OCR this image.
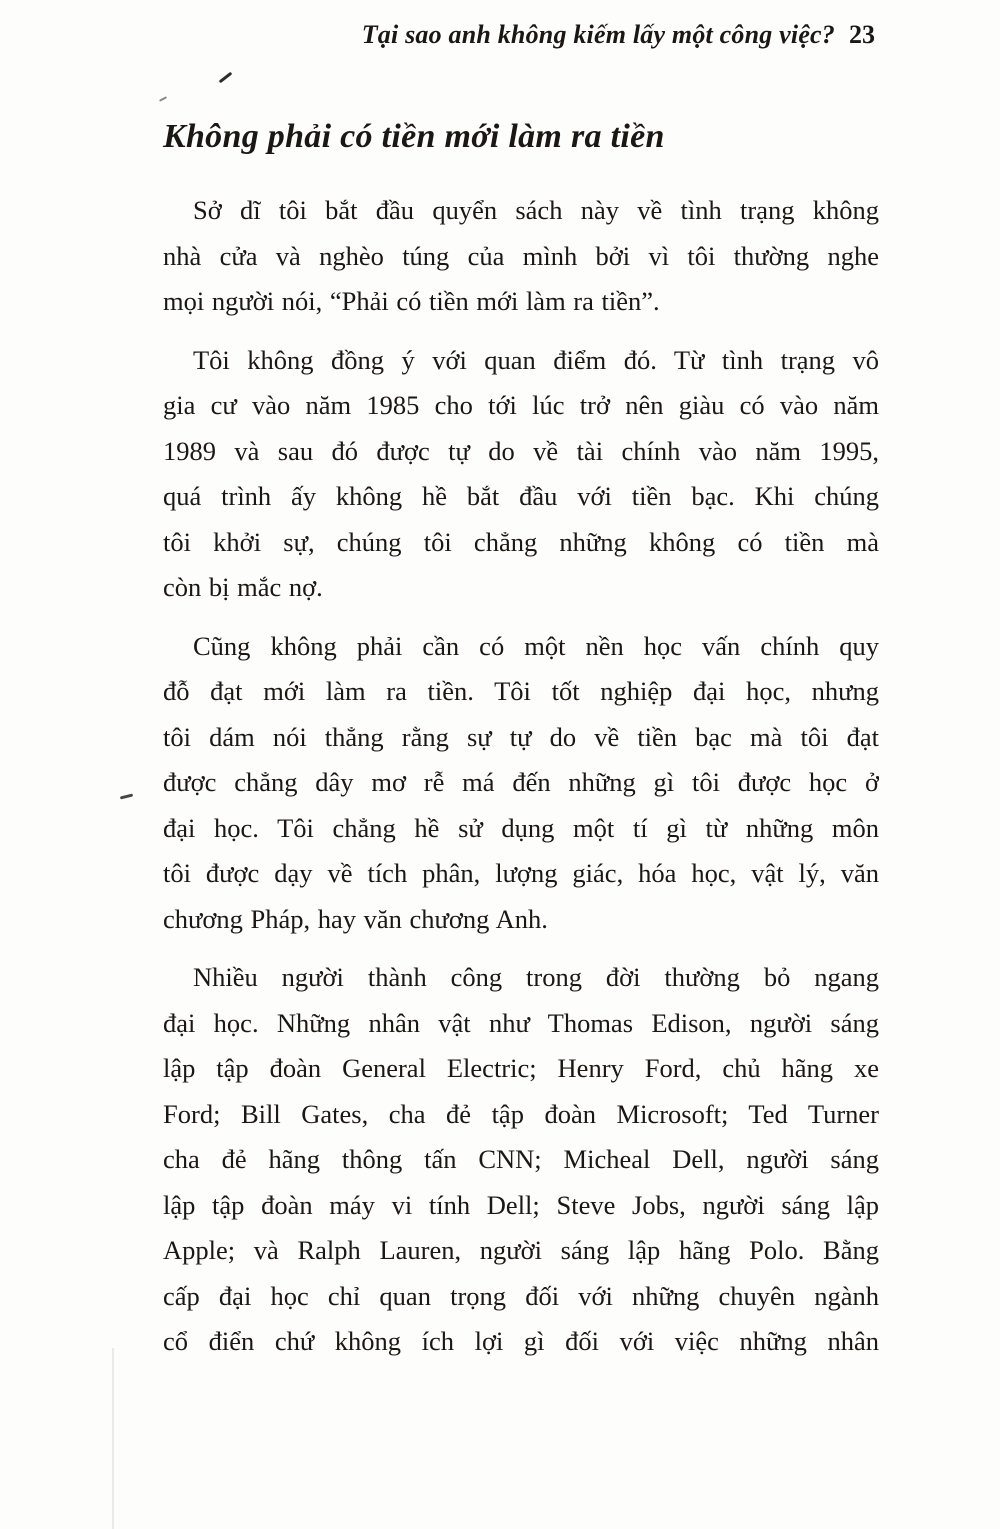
Tại sao anh không kiếm lấy một công việc? 23
Không phải có tiền mới làm ra tiền
Sở dĩ tôi bắt đầu quyển sách này về tình trạng không
nhà cửa và nghèo túng của mình bởi vì tôi thường nghe
mọi người nói, “Phải có tiền mới làm ra tiền”.
Tôi không đồng ý với quan điểm đó. Từ tình trạng vô
gia cư vào năm 1985 cho tới lúc trở nên giàu có vào năm
1989 và sau đó được tự do về tài chính vào năm 1995,
quá trình ấy không hề bắt đầu với tiền bạc. Khi chúng
tôi khởi sự, chúng tôi chẳng những không có tiền mà
còn bị mắc nợ.
Cũng không phải cần có một nền học vấn chính quy
đỗ đạt mới làm ra tiền. Tôi tốt nghiệp đại học, nhưng
tôi dám nói thẳng rằng sự tự do về tiền bạc mà tôi đạt
được chẳng dây mơ rễ má đến những gì tôi được học ở
đại học. Tôi chẳng hề sử dụng một tí gì từ những môn
tôi được dạy về tích phân, lượng giác, hóa học, vật lý, văn
chương Pháp, hay văn chương Anh.
Nhiều người thành công trong đời thường bỏ ngang
đại học. Những nhân vật như Thomas Edison, người sáng
lập tập đoàn General Electric; Henry Ford, chủ hãng xe
Ford; Bill Gates, cha đẻ tập đoàn Microsoft; Ted Turner
cha đẻ hãng thông tấn CNN; Micheal Dell, người sáng
lập tập đoàn máy vi tính Dell; Steve Jobs, người sáng lập
Apple; và Ralph Lauren, người sáng lập hãng Polo. Bằng
cấp đại học chỉ quan trọng đối với những chuyên ngành
cổ điển chứ không ích lợi gì đối với việc những nhân
